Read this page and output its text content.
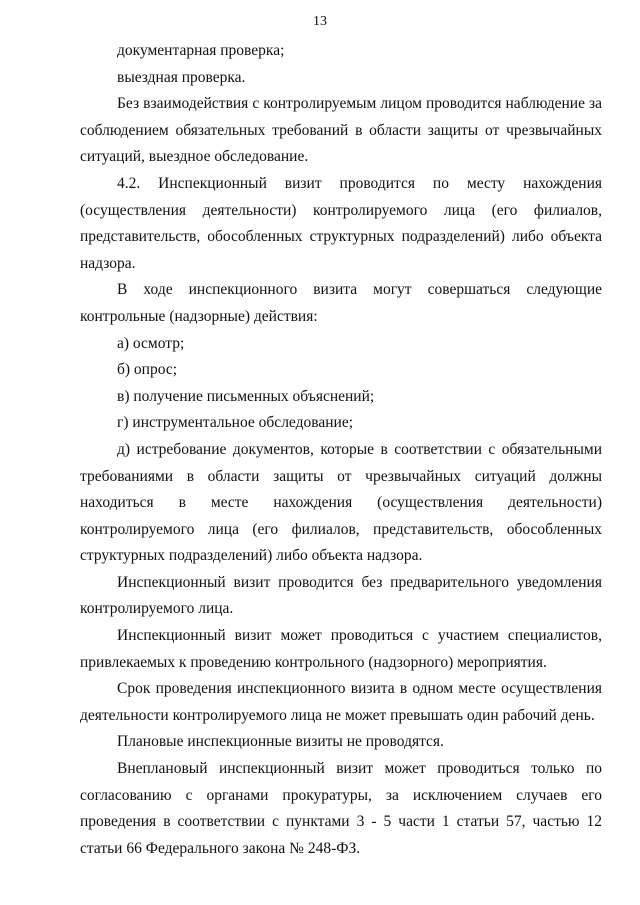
13

документарная проверка;

выездная проверка.

Без взаимодействия с контролируемым лицом проводится наблюдение за соблюдением обязательных требований в области защиты от чрезвычайных ситуаций, выездное обследование.

4.2. Инспекционный визит проводится по месту нахождения (осуществления деятельности) контролируемого лица (его филиалов, представительств, обособленных структурных подразделений) либо объекта надзора.

В ходе инспекционного визита могут совершаться следующие контрольные (надзорные) действия:

а) осмотр;

б) опрос;

в) получение письменных объяснений;

г) инструментальное обследование;

д) истребование документов, которые в соответствии с обязательными требованиями в области защиты от чрезвычайных ситуаций должны находиться в месте нахождения (осуществления деятельности) контролируемого лица (его филиалов, представительств, обособленных структурных подразделений) либо объекта надзора.

Инспекционный визит проводится без предварительного уведомления контролируемого лица.

Инспекционный визит может проводиться с участием специалистов, привлекаемых к проведению контрольного (надзорного) мероприятия.

Срок проведения инспекционного визита в одном месте осуществления деятельности контролируемого лица не может превышать один рабочий день.

Плановые инспекционные визиты не проводятся.

Внеплановый инспекционный визит может проводиться только по согласованию с органами прокуратуры, за исключением случаев его проведения в соответствии с пунктами 3 - 5 части 1 статьи 57, частью 12 статьи 66 Федерального закона № 248-ФЗ.
